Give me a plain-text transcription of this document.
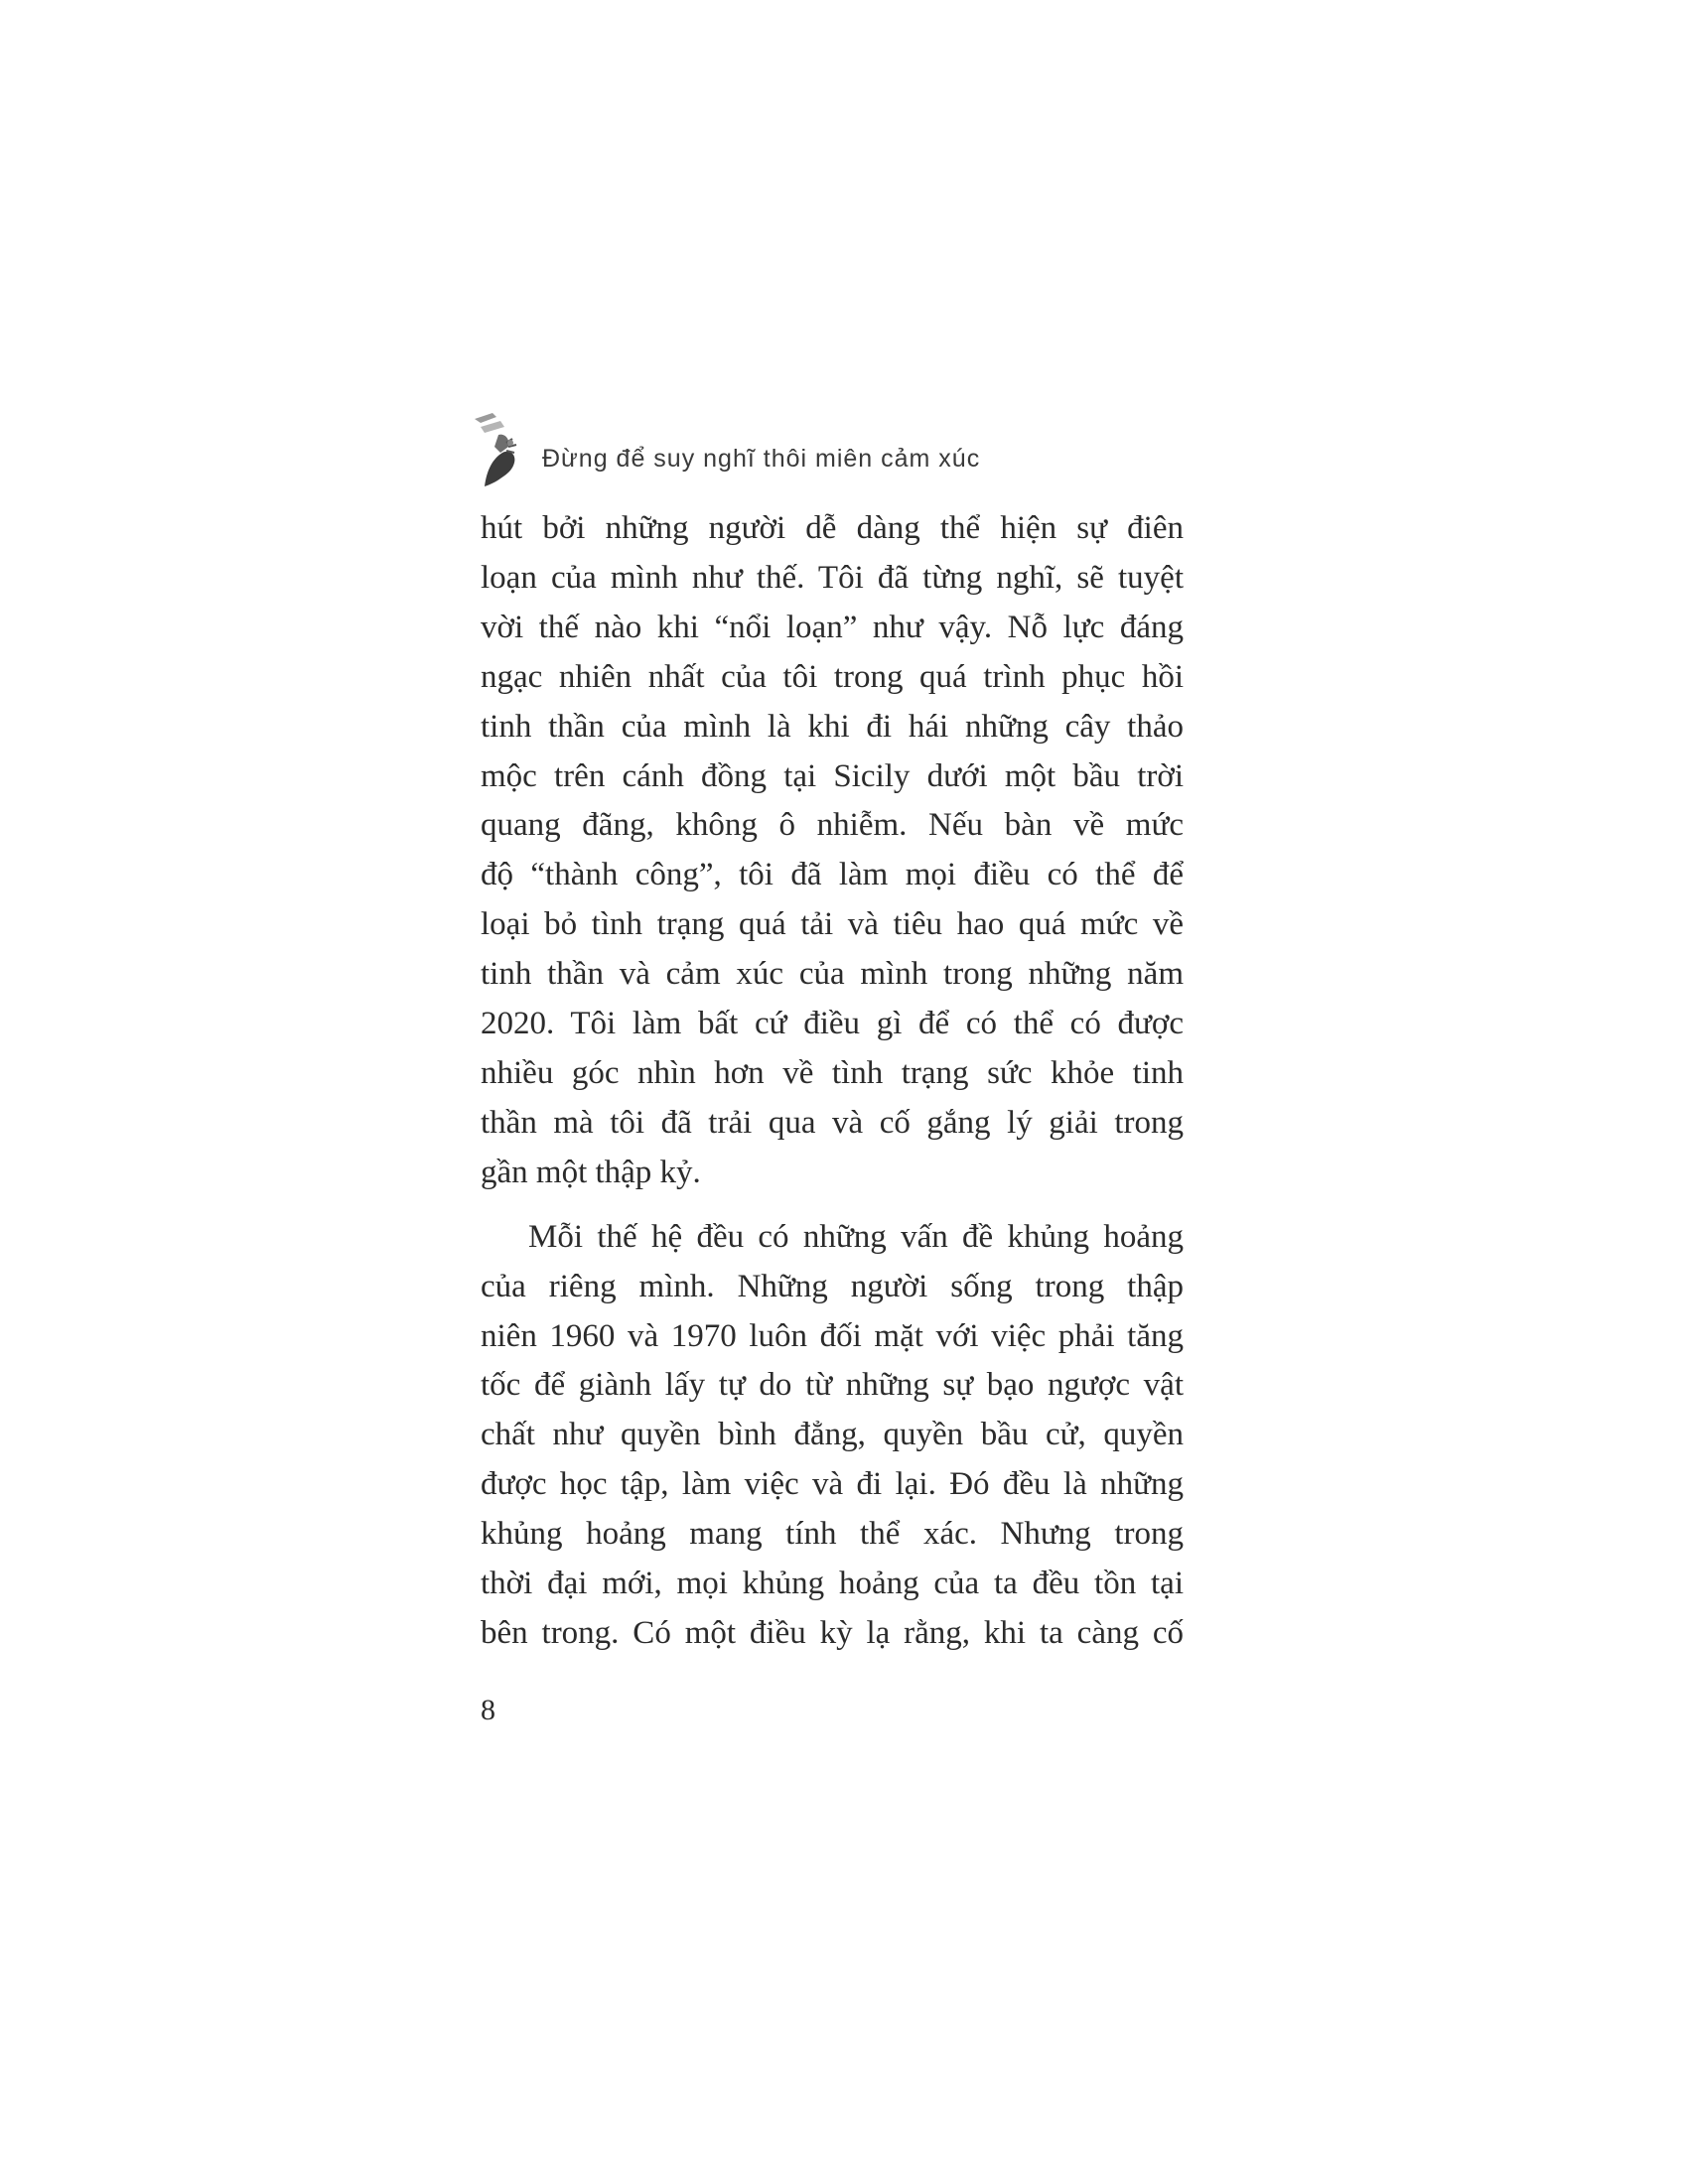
Đừng để suy nghĩ thôi miên cảm xúc

hút bởi những người dễ dàng thể hiện sự điên
loạn của mình như thế. Tôi đã từng nghĩ, sẽ tuyệt
vời thế nào khi “nổi loạn” như vậy. Nỗ lực đáng
ngạc nhiên nhất của tôi trong quá trình phục hồi
tinh thần của mình là khi đi hái những cây thảo
mộc trên cánh đồng tại Sicily dưới một bầu trời
quang đãng, không ô nhiễm. Nếu bàn về mức
độ “thành công”, tôi đã làm mọi điều có thể để
loại bỏ tình trạng quá tải và tiêu hao quá mức về
tinh thần và cảm xúc của mình trong những năm
2020. Tôi làm bất cứ điều gì để có thể có được
nhiều góc nhìn hơn về tình trạng sức khỏe tinh
thần mà tôi đã trải qua và cố gắng lý giải trong
gần một thập kỷ.

Mỗi thế hệ đều có những vấn đề khủng hoảng
của riêng mình. Những người sống trong thập
niên 1960 và 1970 luôn đối mặt với việc phải tăng
tốc để giành lấy tự do từ những sự bạo ngược vật
chất như quyền bình đẳng, quyền bầu cử, quyền
được học tập, làm việc và đi lại. Đó đều là những
khủng hoảng mang tính thể xác. Nhưng trong
thời đại mới, mọi khủng hoảng của ta đều tồn tại
bên trong. Có một điều kỳ lạ rằng, khi ta càng cố

8
